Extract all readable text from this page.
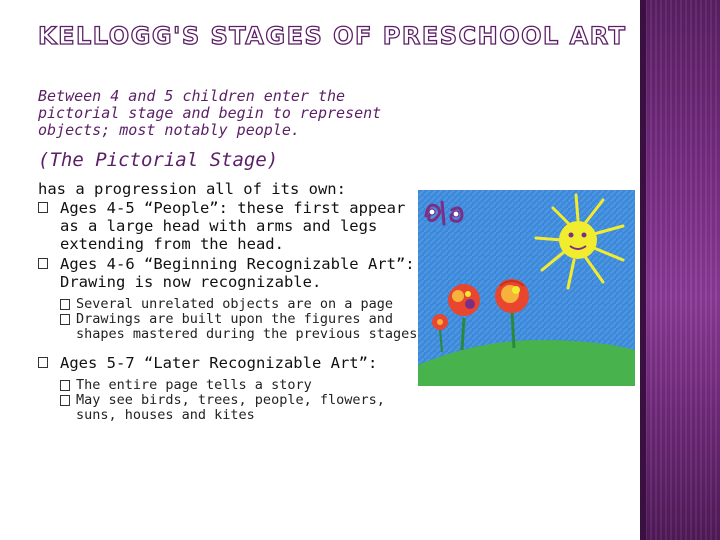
KELLOGG'S STAGES OF PRESCHOOL ART
Between 4 and 5 children enter the pictorial stage and begin to represent objects; most notably people.
(The Pictorial Stage)
has a progression all of its own:
Ages 4-5 “People”: these first appear as a large head with arms and legs extending from the head.
Ages 4-6 “Beginning Recognizable Art”: Drawing is now recognizable.
Several unrelated objects are on a page
Drawings are built upon the figures and shapes mastered during the previous stages
Ages 5-7 “Later Recognizable Art”:
The entire page tells a story
May see birds, trees, people, flowers, suns, houses and kites
